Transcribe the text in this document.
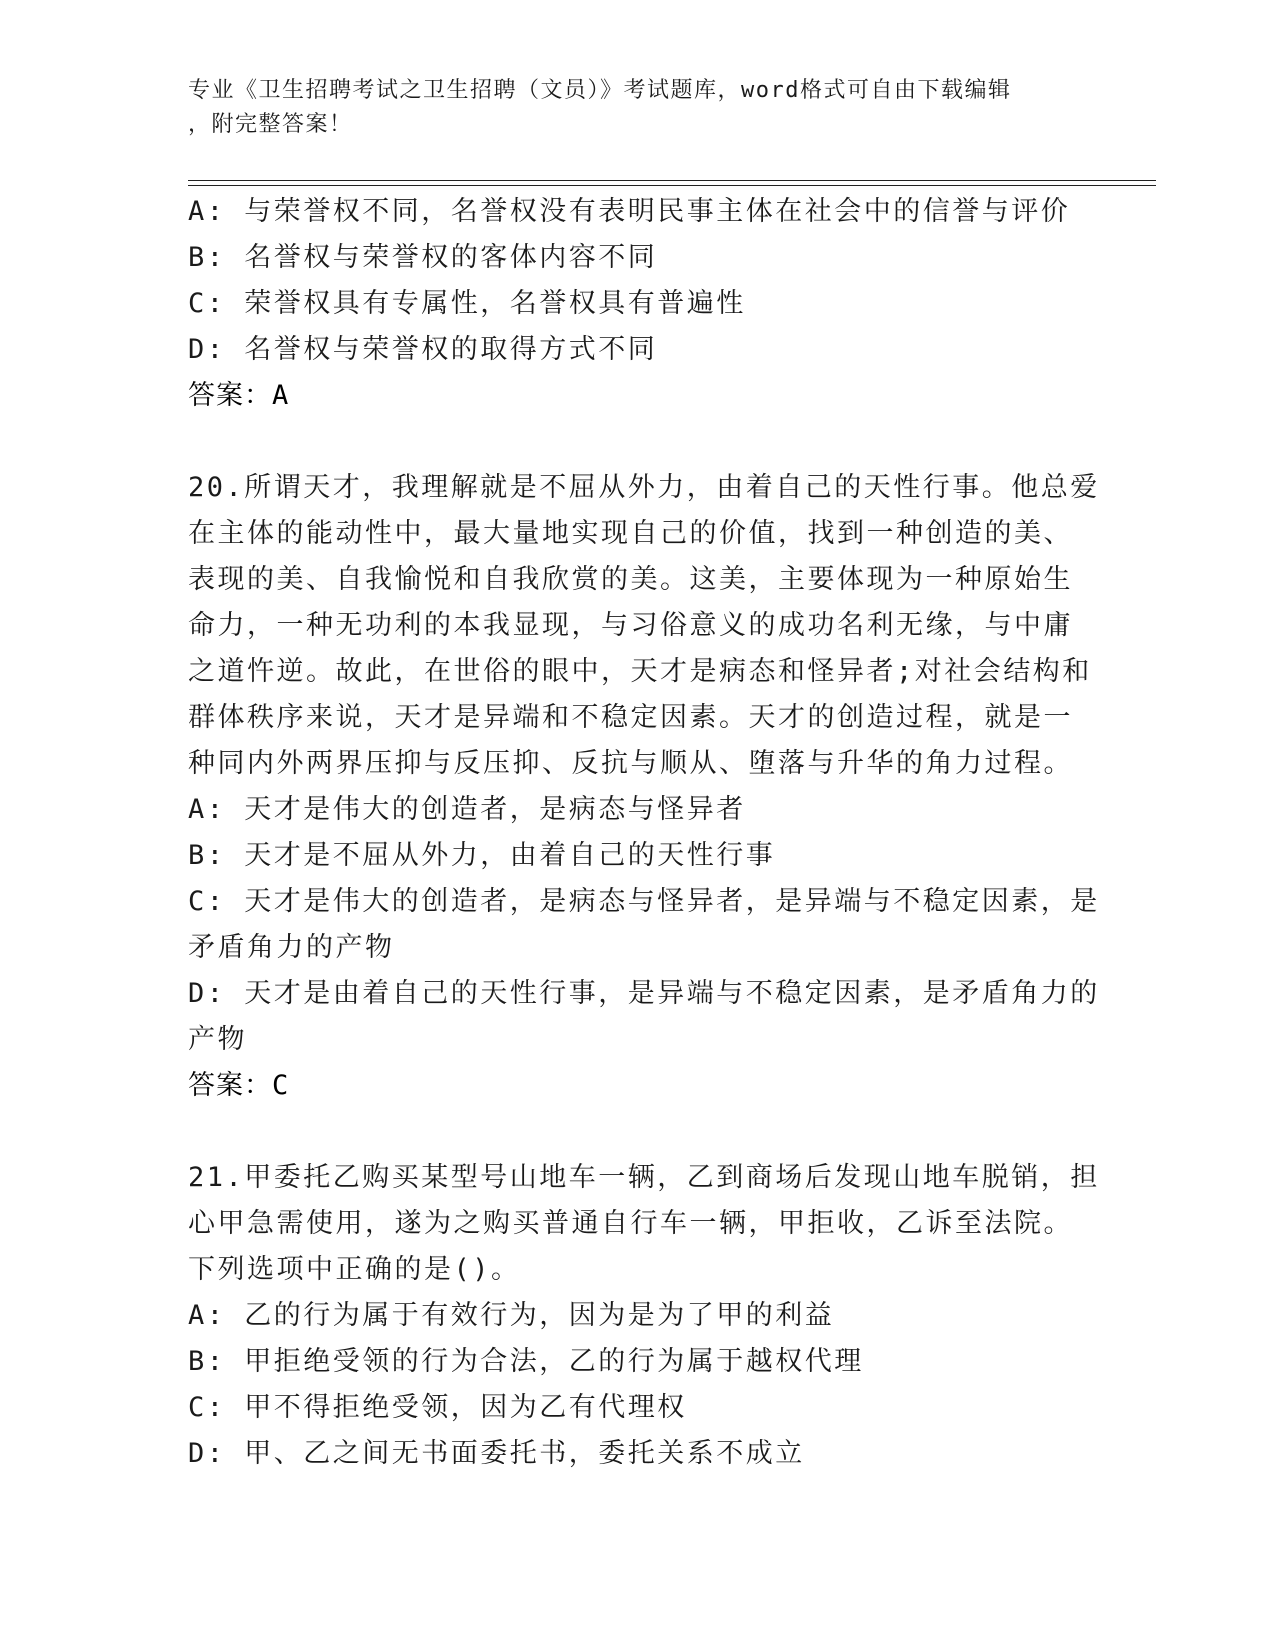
专业《卫生招聘考试之卫生招聘（文员）》考试题库，word格式可自由下载编辑
，附完整答案！
A: 与荣誉权不同，名誉权没有表明民事主体在社会中的信誉与评价
B: 名誉权与荣誉权的客体内容不同
C: 荣誉权具有专属性，名誉权具有普遍性
D: 名誉权与荣誉权的取得方式不同
答案：A
20.所谓天才，我理解就是不屈从外力，由着自己的天性行事。他总爱
在主体的能动性中，最大量地实现自己的价值，找到一种创造的美、
表现的美、自我愉悦和自我欣赏的美。这美，主要体现为一种原始生
命力，一种无功利的本我显现，与习俗意义的成功名利无缘，与中庸
之道忤逆。故此，在世俗的眼中，天才是病态和怪异者;对社会结构和
群体秩序来说，天才是异端和不稳定因素。天才的创造过程，就是一
种同内外两界压抑与反压抑、反抗与顺从、堕落与升华的角力过程。
A: 天才是伟大的创造者，是病态与怪异者
B: 天才是不屈从外力，由着自己的天性行事
C: 天才是伟大的创造者，是病态与怪异者，是异端与不稳定因素，是
矛盾角力的产物
D: 天才是由着自己的天性行事，是异端与不稳定因素，是矛盾角力的
产物
答案：C
21.甲委托乙购买某型号山地车一辆，乙到商场后发现山地车脱销，担
心甲急需使用，遂为之购买普通自行车一辆，甲拒收，乙诉至法院。
下列选项中正确的是()。
A: 乙的行为属于有效行为，因为是为了甲的利益
B: 甲拒绝受领的行为合法，乙的行为属于越权代理
C: 甲不得拒绝受领，因为乙有代理权
D: 甲、乙之间无书面委托书，委托关系不成立
